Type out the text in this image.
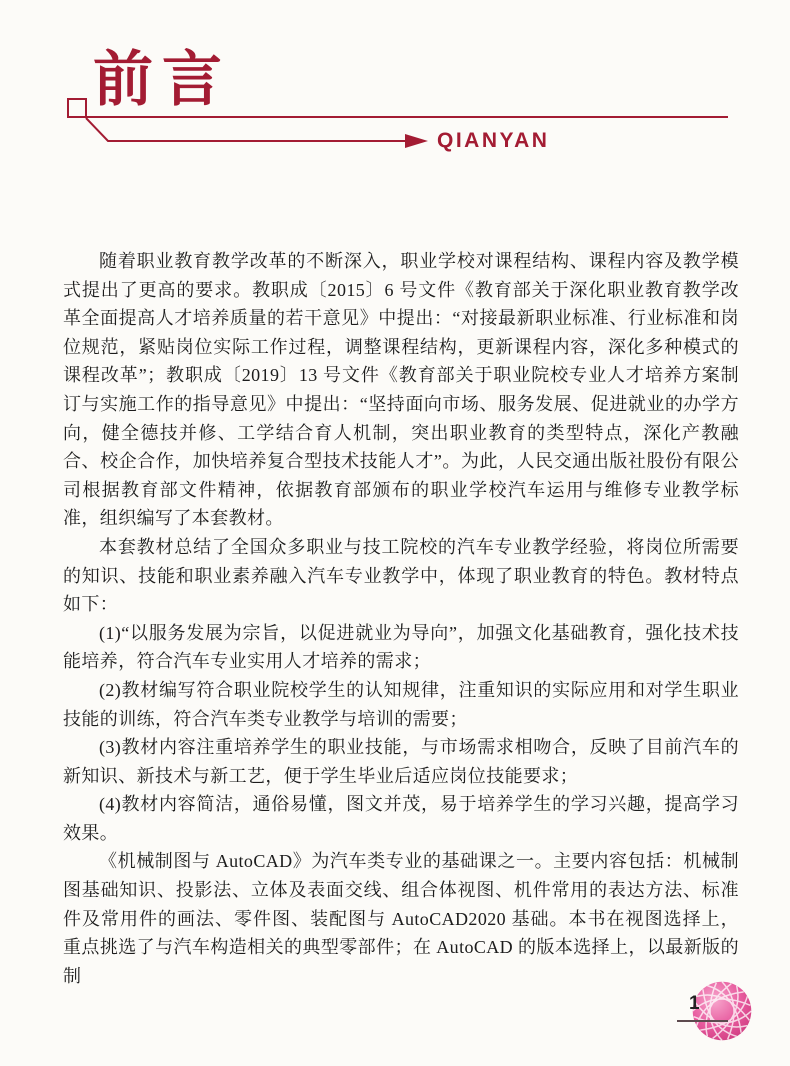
前言
QIANYAN

随着职业教育教学改革的不断深入，职业学校对课程结构、课程内容及教学模式提出了更高的要求。教职成〔2015〕6 号文件《教育部关于深化职业教育教学改革全面提高人才培养质量的若干意见》中提出：“对接最新职业标准、行业标准和岗位规范，紧贴岗位实际工作过程，调整课程结构，更新课程内容，深化多种模式的课程改革”；教职成〔2019〕13 号文件《教育部关于职业院校专业人才培养方案制订与实施工作的指导意见》中提出：“坚持面向市场、服务发展、促进就业的办学方向，健全德技并修、工学结合育人机制，突出职业教育的类型特点，深化产教融合、校企合作，加快培养复合型技术技能人才”。为此，人民交通出版社股份有限公司根据教育部文件精神，依据教育部颁布的职业学校汽车运用与维修专业教学标准，组织编写了本套教材。

本套教材总结了全国众多职业与技工院校的汽车专业教学经验，将岗位所需要的知识、技能和职业素养融入汽车专业教学中，体现了职业教育的特色。教材特点如下：

(1)“以服务发展为宗旨，以促进就业为导向”，加强文化基础教育，强化技术技能培养，符合汽车专业实用人才培养的需求；

(2)教材编写符合职业院校学生的认知规律，注重知识的实际应用和对学生职业技能的训练，符合汽车类专业教学与培训的需要；

(3)教材内容注重培养学生的职业技能，与市场需求相吻合，反映了目前汽车的新知识、新技术与新工艺，便于学生毕业后适应岗位技能要求；

(4)教材内容简洁，通俗易懂，图文并茂，易于培养学生的学习兴趣，提高学习效果。

《机械制图与 AutoCAD》为汽车类专业的基础课之一。主要内容包括：机械制图基础知识、投影法、立体及表面交线、组合体视图、机件常用的表达方法、标准件及常用件的画法、零件图、装配图与 AutoCAD2020 基础。本书在视图选择上，重点挑选了与汽车构造相关的典型零部件；在 AutoCAD 的版本选择上，以最新版的制

1
